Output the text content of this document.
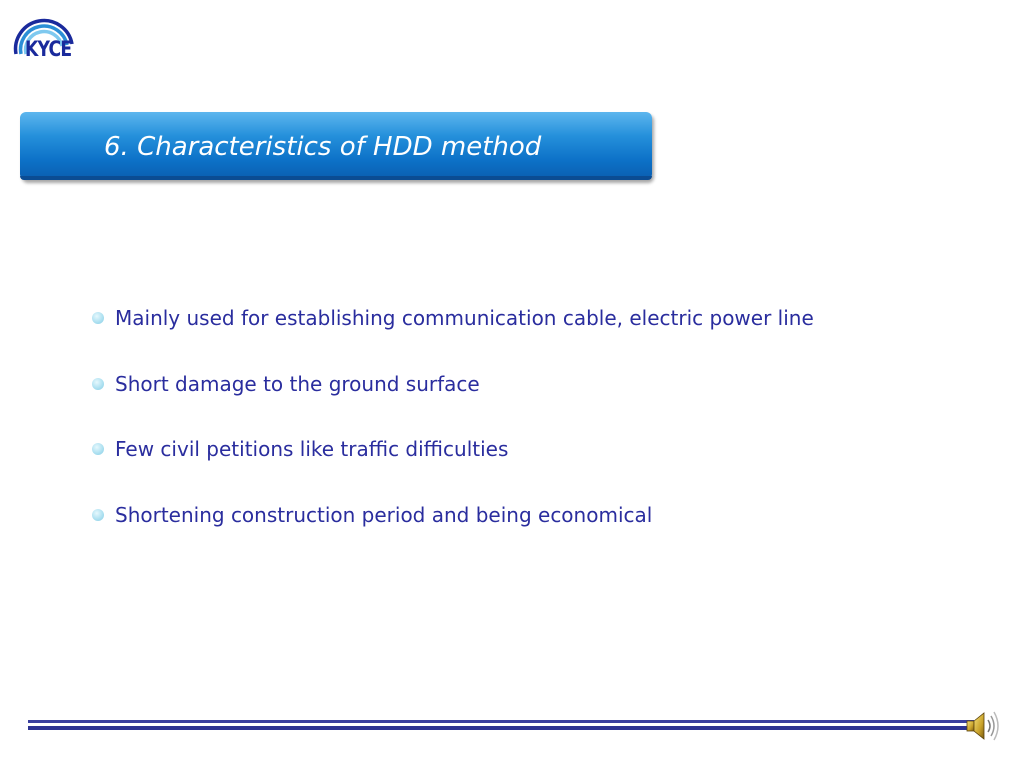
KYCE
6. Characteristics of HDD method
Mainly used for establishing communication cable, electric power line
Short damage to the ground surface
Few civil petitions like traffic difficulties
Shortening construction period and being economical
